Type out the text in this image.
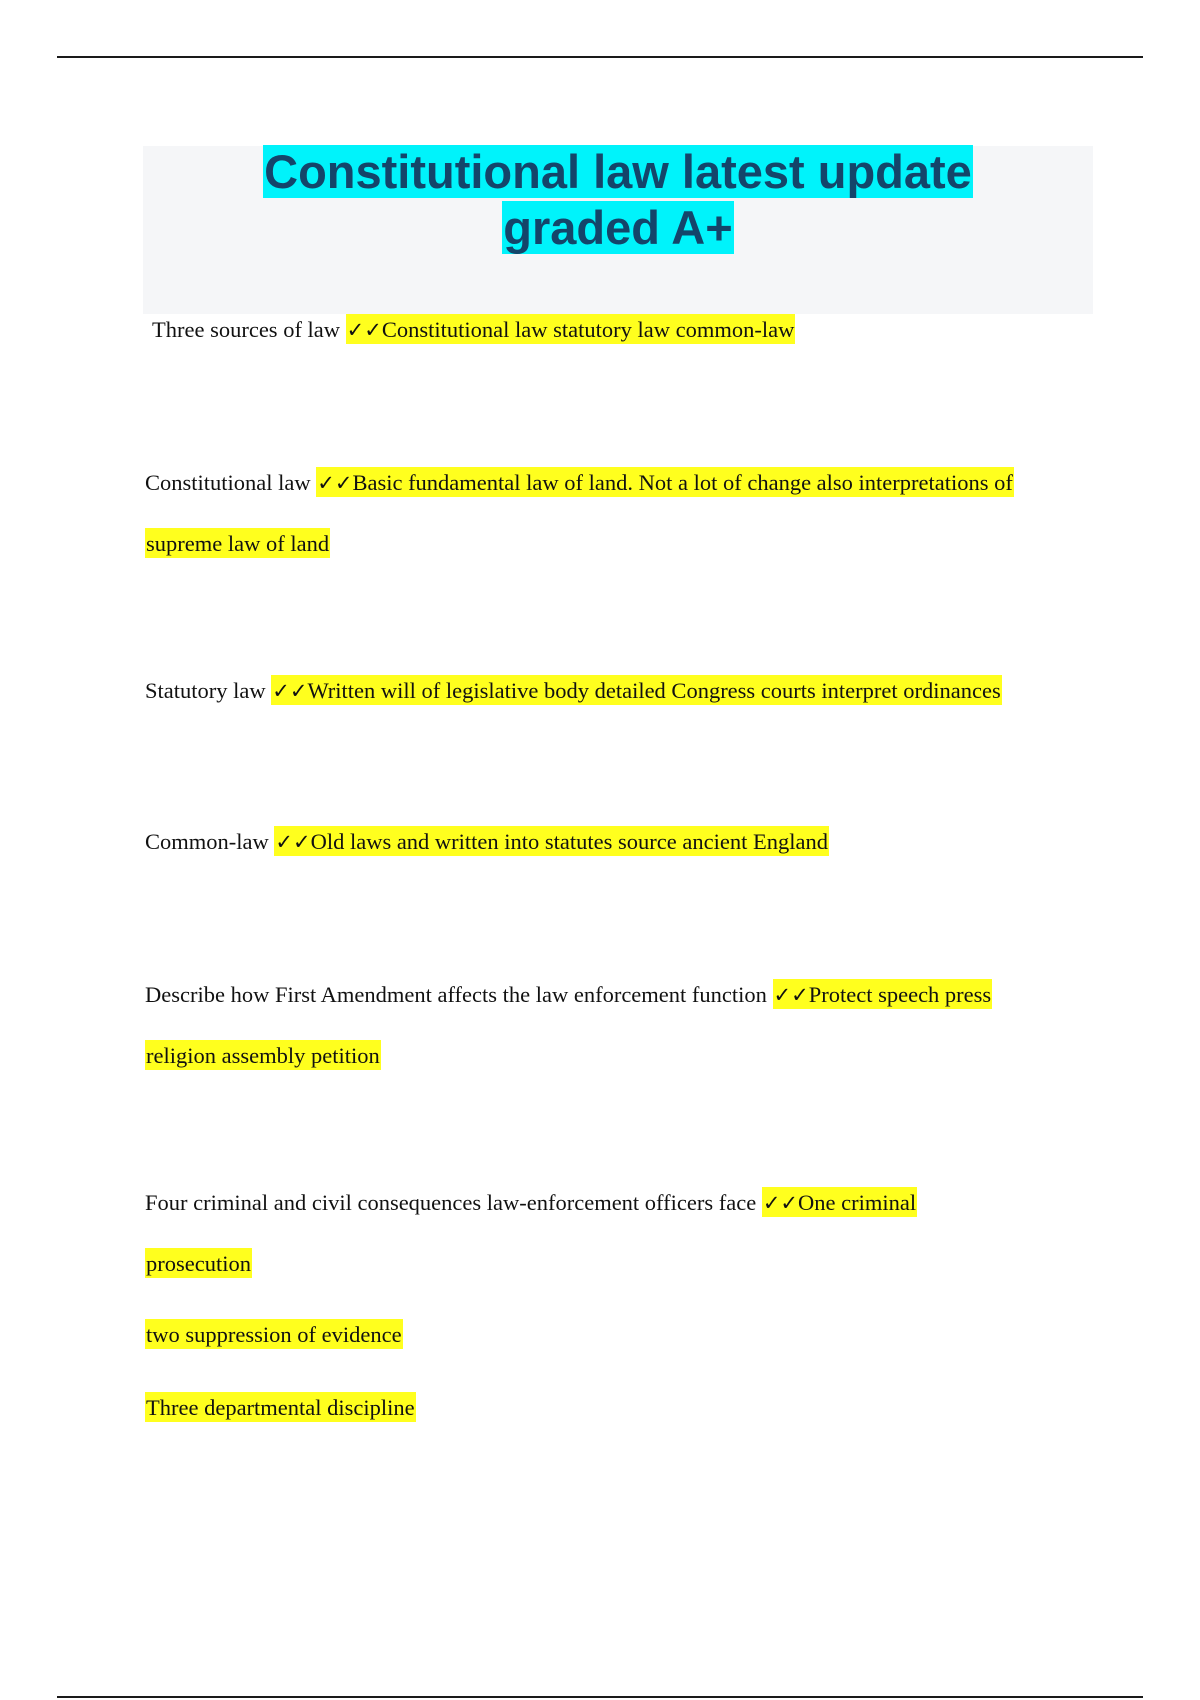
Constitutional law latest update
graded A+
Three sources of law ✓✓Constitutional law statutory law common-law
Constitutional law ✓✓Basic fundamental law of land. Not a lot of change also interpretations of
supreme law of land
Statutory law ✓✓Written will of legislative body detailed Congress courts interpret ordinances
Common-law ✓✓Old laws and written into statutes source ancient England
Describe how First Amendment affects the law enforcement function ✓✓Protect speech press
religion assembly petition
Four criminal and civil consequences law-enforcement officers face ✓✓One criminal
prosecution
two suppression of evidence
Three departmental discipline
